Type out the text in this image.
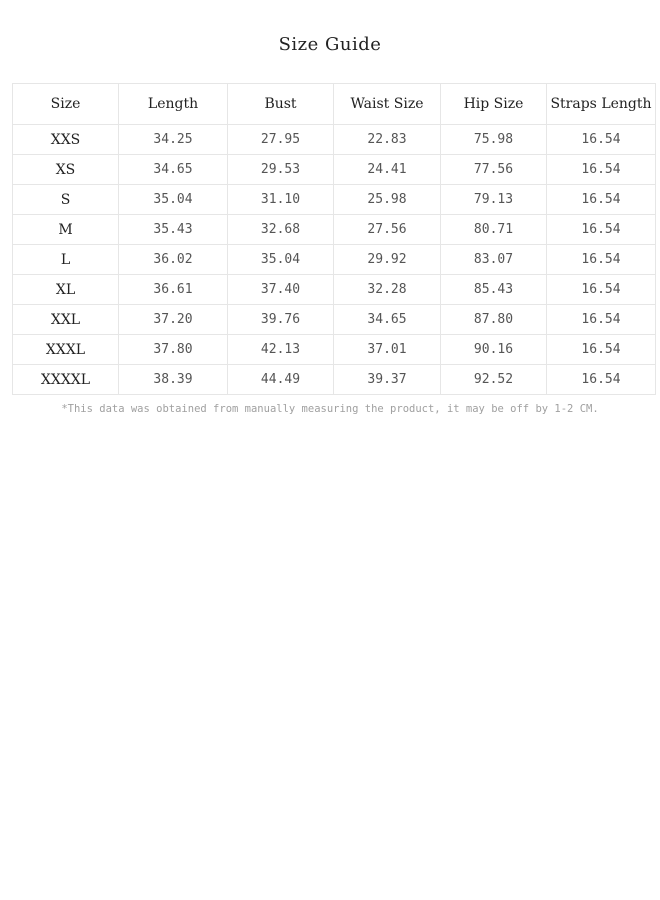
Size Guide
Size	Length	Bust	Waist Size	Hip Size	Straps Length
XXS	34.25	27.95	22.83	75.98	16.54
XS	34.65	29.53	24.41	77.56	16.54
S	35.04	31.10	25.98	79.13	16.54
M	35.43	32.68	27.56	80.71	16.54
L	36.02	35.04	29.92	83.07	16.54
XL	36.61	37.40	32.28	85.43	16.54
XXL	37.20	39.76	34.65	87.80	16.54
XXXL	37.80	42.13	37.01	90.16	16.54
XXXXL	38.39	44.49	39.37	92.52	16.54
*This data was obtained from manually measuring the product, it may be off by 1-2 CM.
